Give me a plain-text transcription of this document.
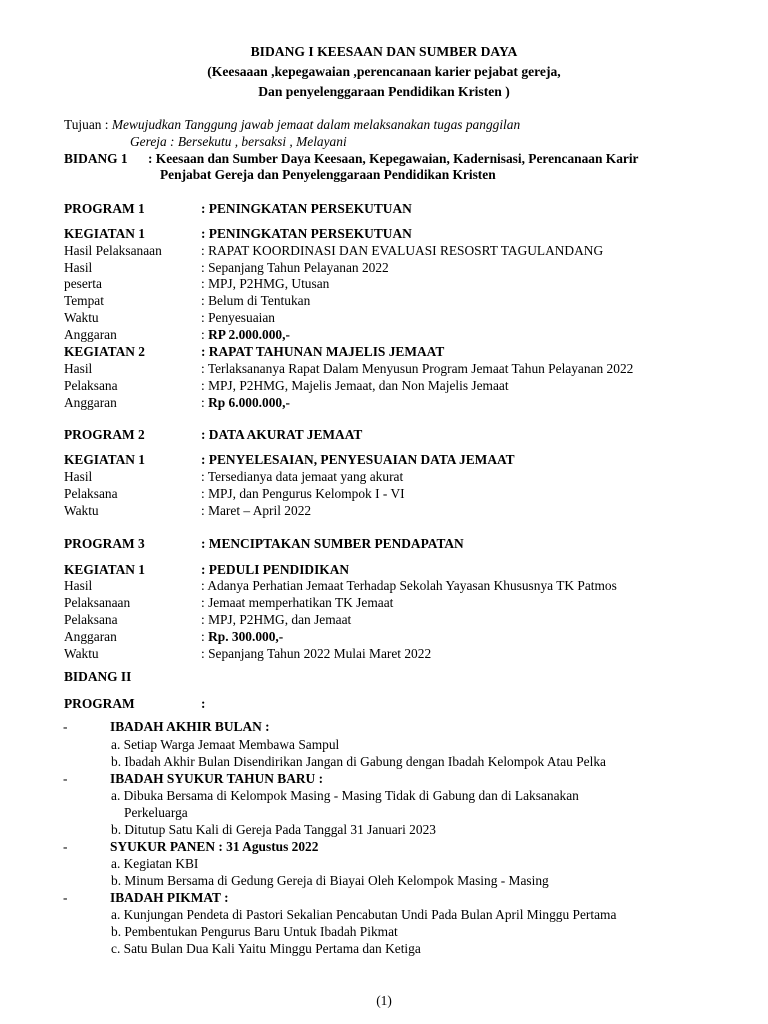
BIDANG I KEESAAN DAN SUMBER DAYA
(Keesaaan ,kepegawaian ,perencanaan karier pejabat gereja,
Dan penyelenggaraan Pendidikan Kristen )
Tujuan : Mewujudkan Tanggung jawab jemaat dalam melaksanakan tugas panggilan
Gereja : Bersekutu , bersaksi , Melayani
BIDANG 1 : Keesaan dan Sumber Daya Keesaan, Kepegawaian, Kadernisasi, Perencanaan Karir
Penjabat Gereja dan Penyelenggaraan Pendidikan Kristen
PROGRAM 1	: PENINGKATAN PERSEKUTUAN
KEGIATAN 1	: PENINGKATAN PERSEKUTUAN
Hasil Pelaksanaan	: RAPAT KOORDINASI DAN EVALUASI RESOSRT TAGULANDANG
Hasil	: Sepanjang Tahun Pelayanan 2022
peserta	: MPJ, P2HMG, Utusan
Tempat	: Belum di Tentukan
Waktu	: Penyesuaian
Anggaran	: RP 2.000.000,-
KEGIATAN 2	: RAPAT TAHUNAN MAJELIS JEMAAT
Hasil	: Terlaksananya Rapat Dalam Menyusun Program Jemaat Tahun Pelayanan 2022
Pelaksana	: MPJ, P2HMG, Majelis Jemaat, dan Non Majelis Jemaat
Anggaran	: Rp 6.000.000,-
PROGRAM 2	: DATA AKURAT JEMAAT
KEGIATAN 1	: PENYELESAIAN, PENYESUAIAN DATA JEMAAT
Hasil	: Tersedianya data jemaat yang akurat
Pelaksana	: MPJ, dan Pengurus Kelompok I - VI
Waktu	: Maret – April 2022
PROGRAM 3	: MENCIPTAKAN SUMBER PENDAPATAN
KEGIATAN 1	: PEDULI PENDIDIKAN
Hasil	: Adanya Perhatian Jemaat Terhadap Sekolah Yayasan Khususnya TK Patmos
Pelaksanaan	: Jemaat memperhatikan TK Jemaat
Pelaksana	: MPJ, P2HMG, dan Jemaat
Anggaran	: Rp. 300.000,-
Waktu	: Sepanjang Tahun 2022 Mulai Maret 2022
BIDANG II
PROGRAM	:
-	IBADAH AKHIR BULAN :
a. Setiap Warga Jemaat Membawa Sampul
b. Ibadah Akhir Bulan Disendirikan Jangan di Gabung dengan Ibadah Kelompok Atau Pelka
-	IBADAH SYUKUR TAHUN BARU :
a. Dibuka Bersama di Kelompok Masing - Masing Tidak di Gabung dan di Laksanakan
Perkeluarga
b. Ditutup Satu Kali di Gereja Pada Tanggal 31 Januari 2023
-	SYUKUR PANEN : 31 Agustus 2022
a. Kegiatan KBI
b. Minum Bersama di Gedung Gereja di Biayai Oleh Kelompok Masing - Masing
-	IBADAH PIKMAT :
a. Kunjungan Pendeta di Pastori Sekalian Pencabutan Undi Pada Bulan April Minggu Pertama
b. Pembentukan Pengurus Baru Untuk Ibadah Pikmat
c. Satu Bulan Dua Kali Yaitu Minggu Pertama dan Ketiga
(1)
